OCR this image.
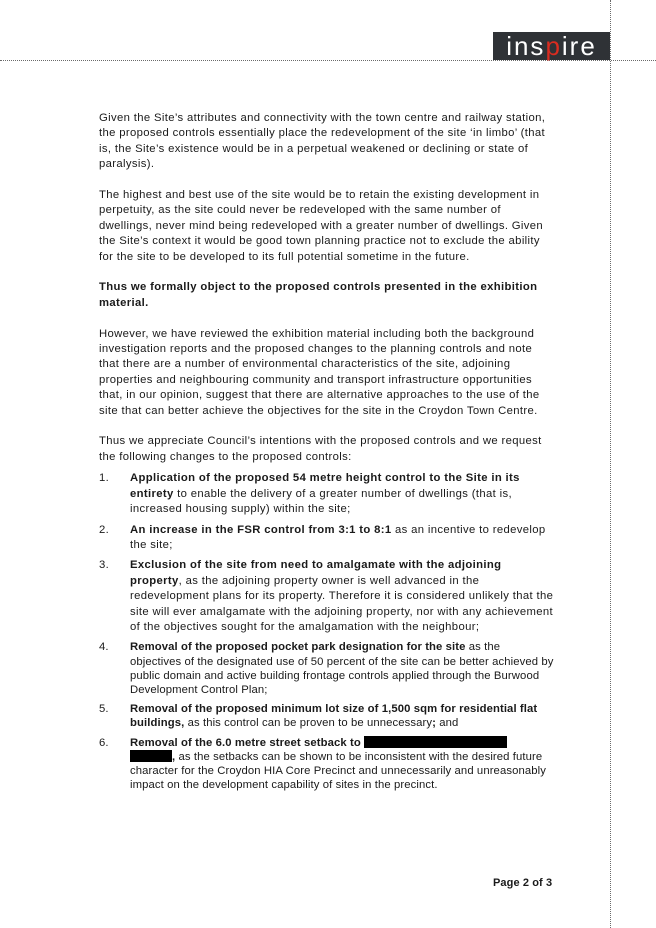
inspire

Given the Site’s attributes and connectivity with the town centre and railway station, the proposed controls essentially place the redevelopment of the site ‘in limbo’ (that is, the Site’s existence would be in a perpetual weakened or declining or state of paralysis).

The highest and best use of the site would be to retain the existing development in perpetuity, as the site could never be redeveloped with the same number of dwellings, never mind being redeveloped with a greater number of dwellings. Given the Site’s context it would be good town planning practice not to exclude the ability for the site to be developed to its full potential sometime in the future.

Thus we formally object to the proposed controls presented in the exhibition material.

However, we have reviewed the exhibition material including both the background investigation reports and the proposed changes to the planning controls and note that there are a number of environmental characteristics of the site, adjoining properties and neighbouring community and transport infrastructure opportunities that, in our opinion, suggest that there are alternative approaches to the use of the site that can better achieve the objectives for the site in the Croydon Town Centre.

Thus we appreciate Council’s intentions with the proposed controls and we request the following changes to the proposed controls:

1. Application of the proposed 54 metre height control to the Site in its entirety to enable the delivery of a greater number of dwellings (that is, increased housing supply) within the site;
2. An increase in the FSR control from 3:1 to 8:1 as an incentive to redevelop the site;
3. Exclusion of the site from need to amalgamate with the adjoining property, as the adjoining property owner is well advanced in the redevelopment plans for its property. Therefore it is considered unlikely that the site will ever amalgamate with the adjoining property, nor with any achievement of the objectives sought for the amalgamation with the neighbour;
4. Removal of the proposed pocket park designation for the site as the objectives of the designated use of 50 percent of the site can be better achieved by public domain and active building frontage controls applied through the Burwood Development Control Plan;
5. Removal of the proposed minimum lot size of 1,500 sqm for residential flat buildings, as this control can be proven to be unnecessary; and
6. Removal of the 6.0 metre street setback to
, as the setbacks can be shown to be inconsistent with the desired future character for the Croydon HIA Core Precinct and unnecessarily and unreasonably impact on the development capability of sites in the precinct.
Page 2 of 3
